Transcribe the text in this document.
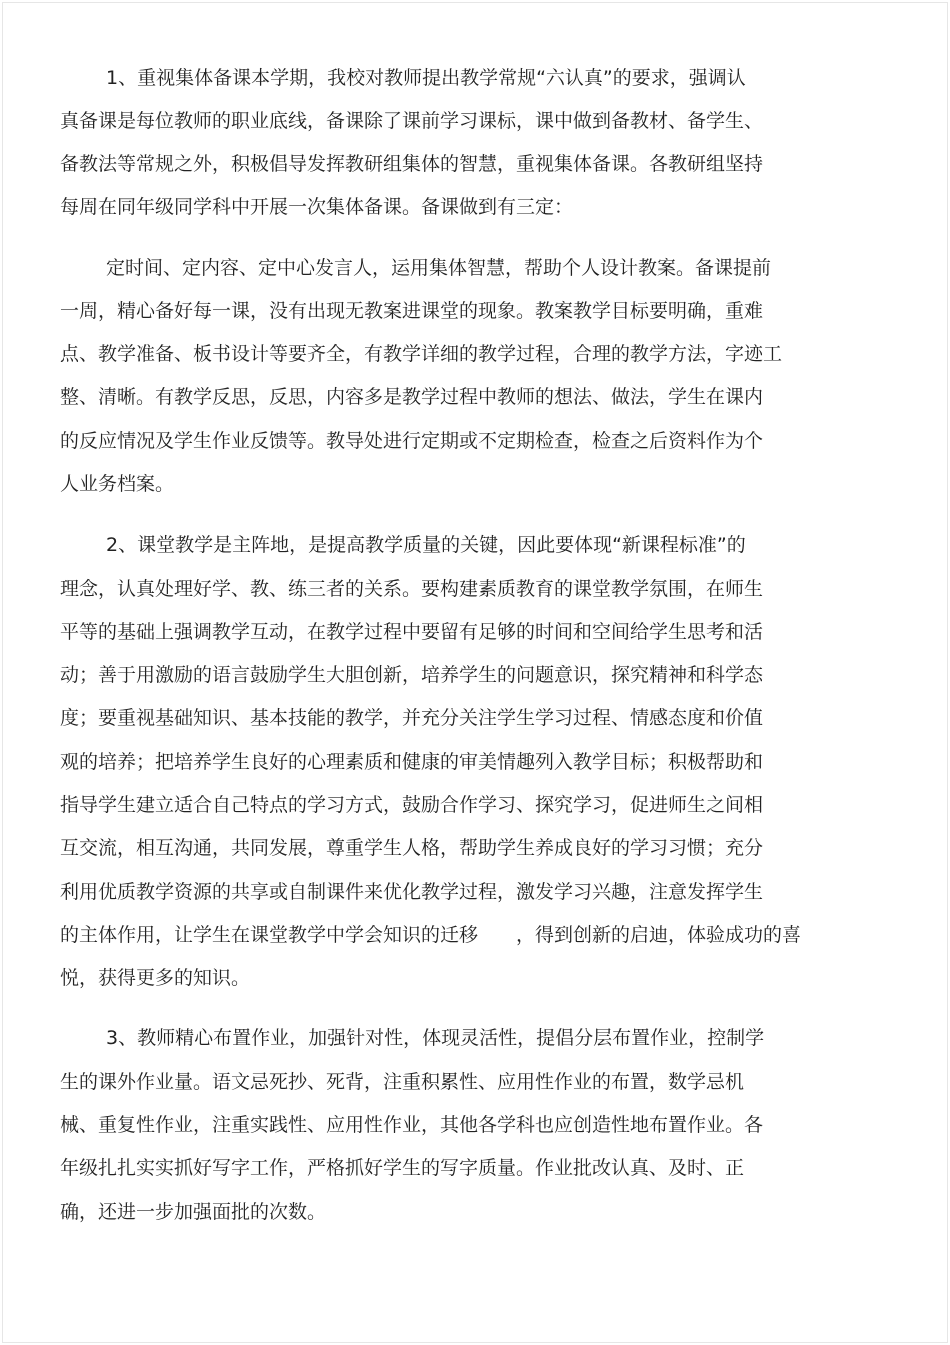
1、重视集体备课本学期，我校对教师提出教学常规“六认真”的要求，强调认
真备课是每位教师的职业底线，备课除了课前学习课标，课中做到备教材、备学生、
备教法等常规之外，积极倡导发挥教研组集体的智慧，重视集体备课。各教研组坚持
每周在同年级同学科中开展一次集体备课。备课做到有三定：
定时间、定内容、定中心发言人，运用集体智慧，帮助个人设计教案。备课提前
一周，精心备好每一课，没有出现无教案进课堂的现象。教案教学目标要明确，重难
点、教学准备、板书设计等要齐全，有教学详细的教学过程，合理的教学方法，字迹工
整、清晰。有教学反思，反思，内容多是教学过程中教师的想法、做法，学生在课内
的反应情况及学生作业反馈等。教导处进行定期或不定期检查，检查之后资料作为个
人业务档案。
2、课堂教学是主阵地，是提高教学质量的关键，因此要体现“新课程标准”的
理念，认真处理好学、教、练三者的关系。要构建素质教育的课堂教学氛围，在师生
平等的基础上强调教学互动，在教学过程中要留有足够的时间和空间给学生思考和活
动；善于用激励的语言鼓励学生大胆创新，培养学生的问题意识，探究精神和科学态
度；要重视基础知识、基本技能的教学，并充分关注学生学习过程、情感态度和价值
观的培养；把培养学生良好的心理素质和健康的审美情趣列入教学目标；积极帮助和
指导学生建立适合自己特点的学习方式，鼓励合作学习、探究学习，促进师生之间相
互交流，相互沟通，共同发展，尊重学生人格，帮助学生养成良好的学习习惯；充分
利用优质教学资源的共享或自制课件来优化教学过程，激发学习兴趣，注意发挥学生
的主体作用，让学生在课堂教学中学会知识的迁移　　，得到创新的启迪，体验成功的喜
悦，获得更多的知识。
3、教师精心布置作业，加强针对性，体现灵活性，提倡分层布置作业，控制学
生的课外作业量。语文忌死抄、死背，注重积累性、应用性作业的布置，数学忌机
械、重复性作业，注重实践性、应用性作业，其他各学科也应创造性地布置作业。各
年级扎扎实实抓好写字工作，严格抓好学生的写字质量。作业批改认真、及时、正
确，还进一步加强面批的次数。
